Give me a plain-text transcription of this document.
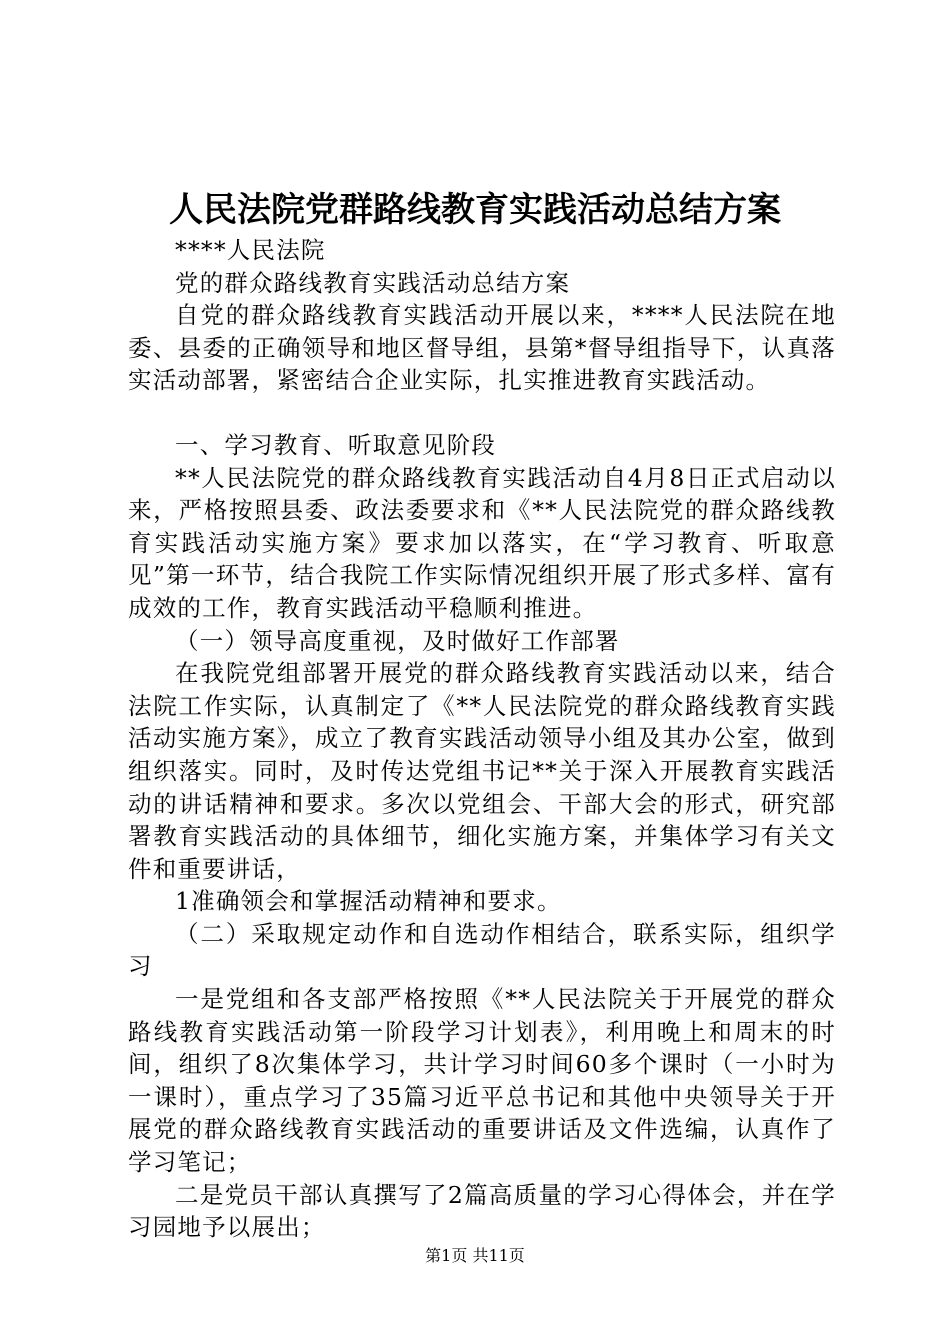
人民法院党群路线教育实践活动总结方案

****人民法院

党的群众路线教育实践活动总结方案

自党的群众路线教育实践活动开展以来，****人民法院在地委、县委的正确领导和地区督导组，县第*督导组指导下，认真落实活动部署，紧密结合企业实际，扎实推进教育实践活动。

一、学习教育、听取意见阶段

**人民法院党的群众路线教育实践活动自4月8日正式启动以来，严格按照县委、政法委要求和《**人民法院党的群众路线教育实践活动实施方案》要求加以落实，在“学习教育、听取意见”第一环节，结合我院工作实际情况组织开展了形式多样、富有成效的工作，教育实践活动平稳顺利推进。

（一）领导高度重视，及时做好工作部署

在我院党组部署开展党的群众路线教育实践活动以来，结合法院工作实际，认真制定了《**人民法院党的群众路线教育实践活动实施方案》，成立了教育实践活动领导小组及其办公室，做到组织落实。同时，及时传达党组书记**关于深入开展教育实践活动的讲话精神和要求。多次以党组会、干部大会的形式，研究部署教育实践活动的具体细节，细化实施方案，并集体学习有关文件和重要讲话，

1准确领会和掌握活动精神和要求。

（二）采取规定动作和自选动作相结合，联系实际，组织学习

一是党组和各支部严格按照《**人民法院关于开展党的群众路线教育实践活动第一阶段学习计划表》，利用晚上和周末的时间，组织了8次集体学习，共计学习时间60多个课时（一小时为一课时），重点学习了35篇习近平总书记和其他中央领导关于开展党的群众路线教育实践活动的重要讲话及文件选编，认真作了学习笔记；

二是党员干部认真撰写了2篇高质量的学习心得体会，并在学习园地予以展出；

第1页 共11页
